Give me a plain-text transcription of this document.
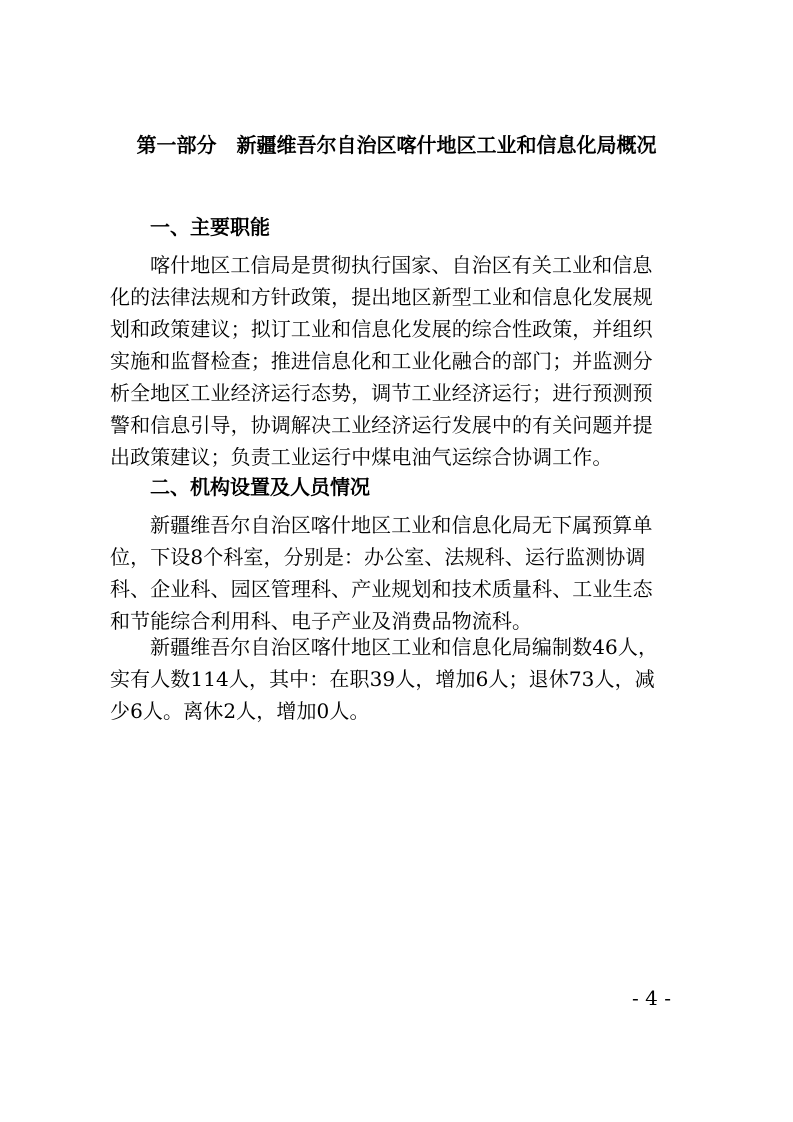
第一部分　新疆维吾尔自治区喀什地区工业和信息化局概况
一、主要职能
喀什地区工信局是贯彻执行国家、自治区有关工业和信息
化的法律法规和方针政策，提出地区新型工业和信息化发展规
划和政策建议；拟订工业和信息化发展的综合性政策，并组织
实施和监督检查；推进信息化和工业化融合的部门；并监测分
析全地区工业经济运行态势，调节工业经济运行；进行预测预
警和信息引导，协调解决工业经济运行发展中的有关问题并提
出政策建议；负责工业运行中煤电油气运综合协调工作。
二、机构设置及人员情况
新疆维吾尔自治区喀什地区工业和信息化局无下属预算单
位，下设8个科室，分别是：办公室、法规科、运行监测协调
科、企业科、园区管理科、产业规划和技术质量科、工业生态
和节能综合利用科、电子产业及消费品物流科。
新疆维吾尔自治区喀什地区工业和信息化局编制数46人，
实有人数114人，其中：在职39人，增加6人；退休73人，减
少6人。离休2人，增加0人。
- 4 -
